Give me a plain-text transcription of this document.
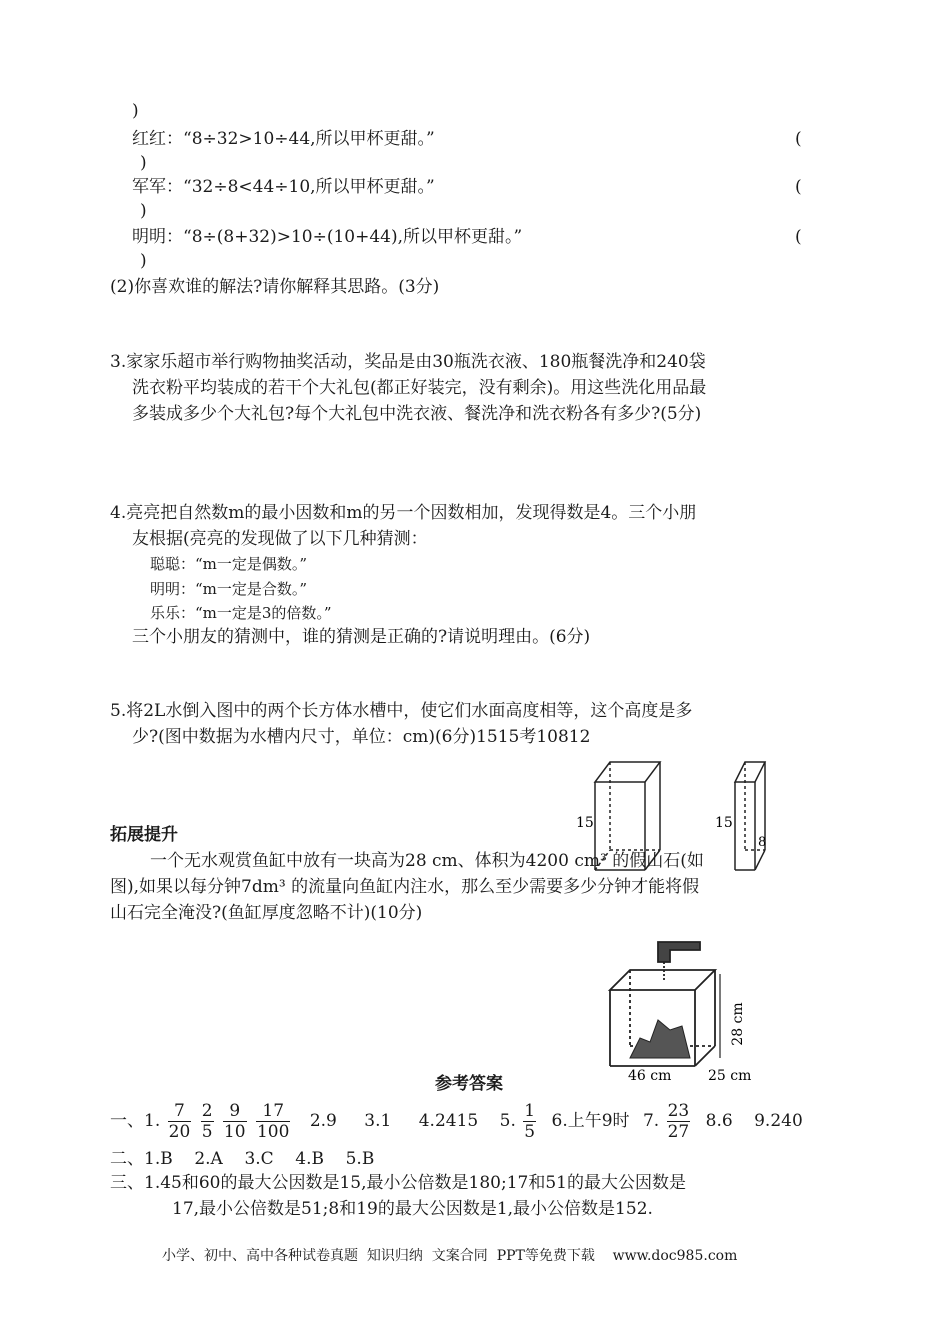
)
红红：“8÷32>10÷44,所以甲杯更甜。”	(
)
军军：“32÷8<44÷10,所以甲杯更甜。”	(
)
明明：“8÷(8+32)>10÷(10+44),所以甲杯更甜。”	(
)
(2)你喜欢谁的解法?请你解释其思路。(3分)
3.家家乐超市举行购物抽奖活动，奖品是由30瓶洗衣液、180瓶餐洗净和240袋
洗衣粉平均装成的若干个大礼包(都正好装完，没有剩余)。用这些洗化用品最
多装成多少个大礼包?每个大礼包中洗衣液、餐洗净和洗衣粉各有多少?(5分)
4.亮亮把自然数m的最小因数和m的另一个因数相加，发现得数是4。三个小朋
友根据(亮亮的发现做了以下几种猜测：
聪聪：“m一定是偶数。”
明明：“m一定是合数。”
乐乐：“m一定是3的倍数。”
三个小朋友的猜测中，谁的猜测是正确的?请说明理由。(6分)
5.将2L水倒入图中的两个长方体水槽中，使它们水面高度相等，这个高度是多
少?(图中数据为水槽内尺寸，单位：cm)(6分)1515考10812
15	15
8
拓展提升
一个无水观赏鱼缸中放有一块高为28 cm、体积为4200 cm³ 的假山石(如
图),如果以每分钟7dm³ 的流量向鱼缸内注水，那么至少需要多少分钟才能将假
山石完全淹没?(鱼缸厚度忽略不计)(10分)
28 cm
46 cm	25 cm
参考答案
一、1. $\frac{7}{20}$
$\frac{2}{5}$
$\frac{9}{10}$
$\frac{17}{100} 2.9$ 3.1 4.2415 5. $\frac{1}{5} 6$.上午9时 7. $\frac{23}{27} 8.6$ 9.240
二、1.B    2.A    3.C    4.B    5.B
三、1.45和60的最大公因数是15,最小公倍数是180;17和51的最大公因数是
17,最小公倍数是51;8和19的最大公因数是1,最小公倍数是152.
小学、初中、高中各种试卷真题  知识归纳  文案合同  PPT等免费下载    www.doc985.com
